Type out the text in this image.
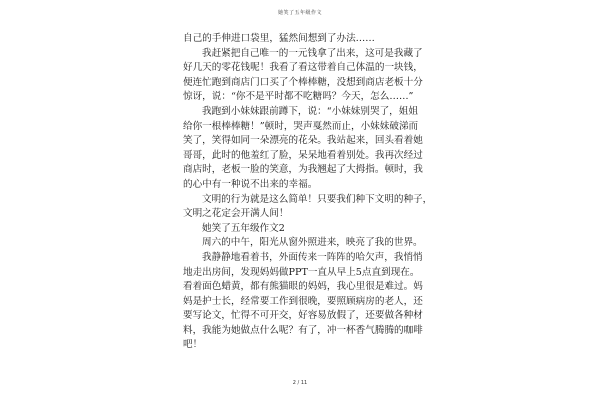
她笑了五年级作文

自己的手伸进口袋里，猛然间想到了办法……

我赶紧把自己唯一的一元钱拿了出来，这可是我藏了

好几天的零花钱呢！我看了看这带着自己体温的一块钱，

便连忙跑到商店门口买了个棒棒糖，没想到商店老板十分

惊讶，说：“你不是平时都不吃糖吗？今天，怎么……”

我跑到小妹妹跟前蹲下，说：“小妹妹别哭了，姐姐

给你一根棒棒糖！”顿时，哭声戛然而止，小妹妹破涕而

笑了，笑得如同一朵漂亮的花朵。我站起来，回头看着她

哥哥，此时的他羞红了脸，呆呆地看着别处。我再次经过

商店时，老板一脸的笑意，为我翘起了大拇指。顿时，我

的心中有一种说不出来的幸福。

文明的行为就是这么简单！只要我们种下文明的种子，

文明之花定会开满人间！

她笑了五年级作文2

周六的中午，阳光从窗外照进来，映亮了我的世界。

我静静地看着书，外面传来一阵阵的哈欠声，我悄悄

地走出房间，发现妈妈做PPT一直从早上5点直到现在。

看着面色蜡黄，都有熊猫眼的妈妈，我心里很是难过。妈

妈是护士长，经常要工作到很晚，要照顾病房的老人，还

要写论文，忙得不可开交，好容易放假了，还要做各种材

料，我能为她做点什么呢？有了，冲一杯香气腾腾的咖啡

吧！

2 / 11
